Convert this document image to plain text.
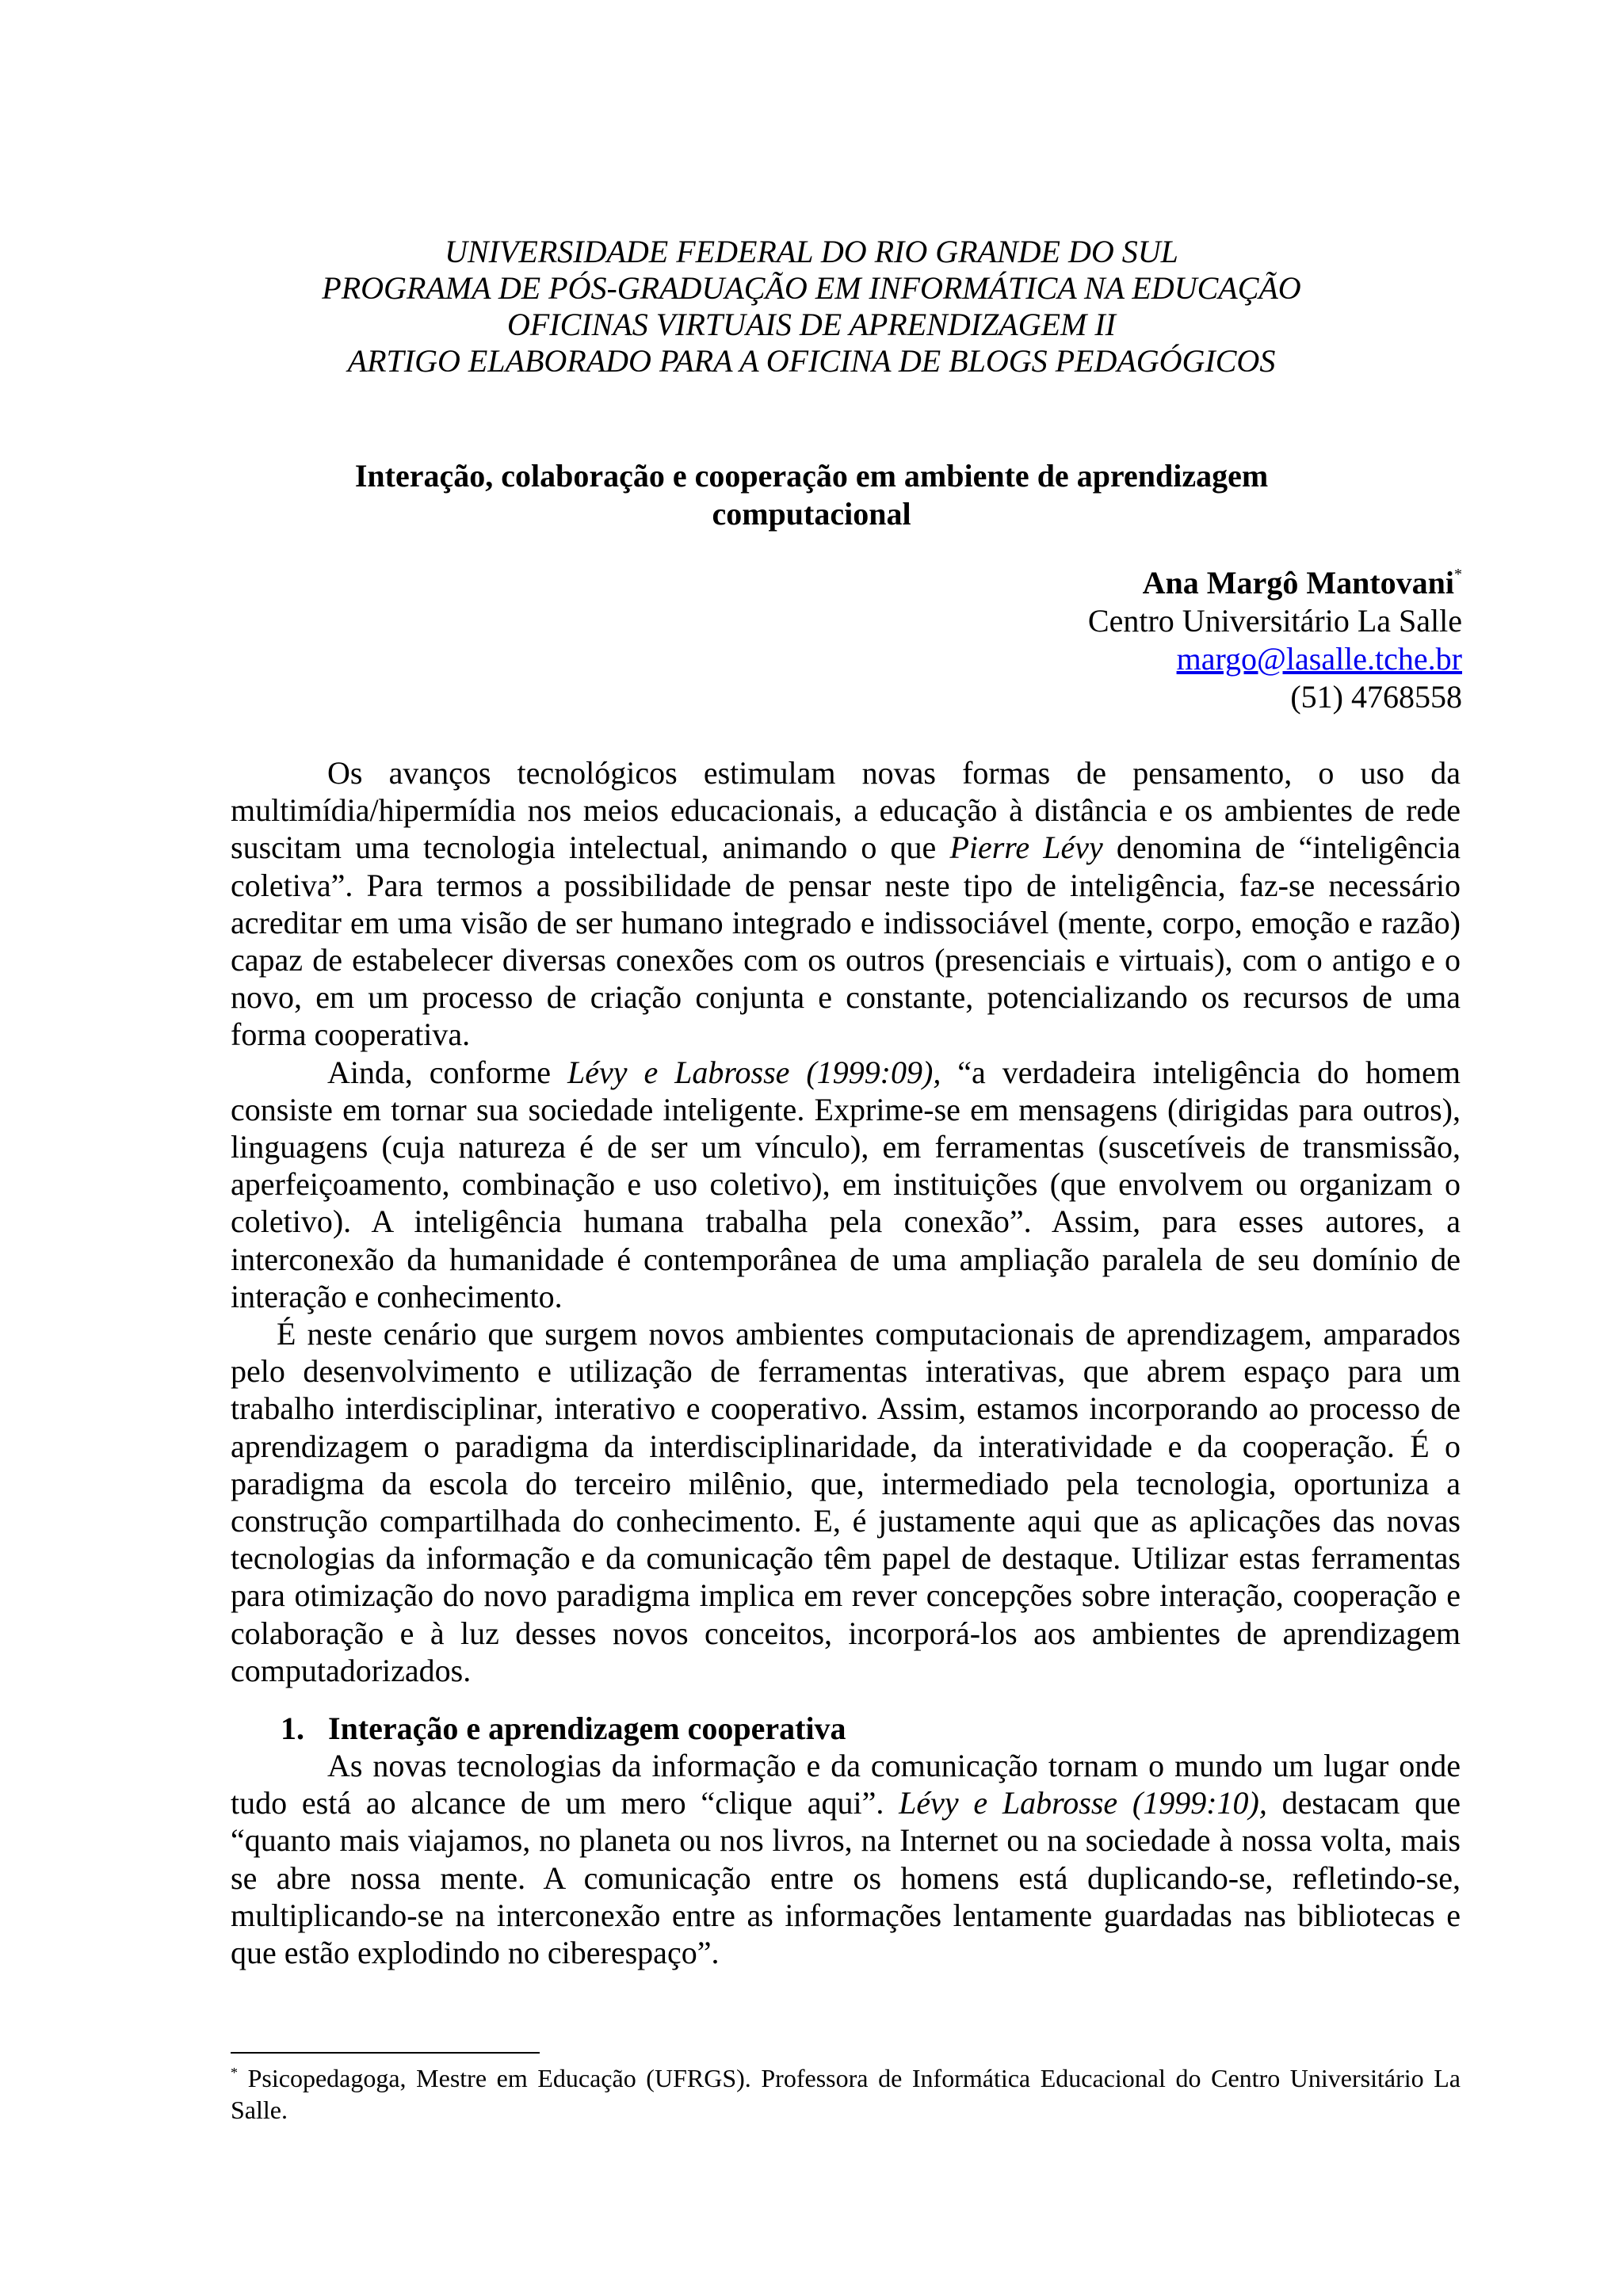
UNIVERSIDADE FEDERAL DO RIO GRANDE DO SUL
PROGRAMA DE PÓS-GRADUAÇÃO EM INFORMÁTICA NA EDUCAÇÃO
OFICINAS VIRTUAIS DE APRENDIZAGEM II
ARTIGO ELABORADO PARA A OFICINA DE BLOGS PEDAGÓGICOS
Interação, colaboração e cooperação em ambiente de aprendizagem
computacional
Ana Margô Mantovani*
Centro Universitário La Salle
margo@lasalle.tche.br
(51) 4768558

Os avanços tecnológicos estimulam novas formas de pensamento, o uso da multimídia/hipermídia nos meios educacionais, a educação à distância e os ambientes de rede suscitam uma tecnologia intelectual, animando o que Pierre Lévy denomina de “inteligência coletiva”. Para termos a possibilidade de pensar neste tipo de inteligência, faz-se necessário acreditar em uma visão de ser humano integrado e indissociável (mente, corpo, emoção e razão) capaz de estabelecer diversas conexões com os outros (presenciais e virtuais), com o antigo e o novo, em um processo de criação conjunta e constante, potencializando os recursos de uma forma cooperativa.

Ainda, conforme Lévy e Labrosse (1999:09), “a verdadeira inteligência do homem consiste em tornar sua sociedade inteligente. Exprime-se em mensagens (dirigidas para outros), linguagens (cuja natureza é de ser um vínculo), em ferramentas (suscetíveis de transmissão, aperfeiçoamento, combinação e uso coletivo), em instituições (que envolvem ou organizam o coletivo). A inteligência humana trabalha pela conexão”. Assim, para esses autores, a interconexão da humanidade é contemporânea de uma ampliação paralela de seu domínio de interação e conhecimento.

É neste cenário que surgem novos ambientes computacionais de aprendizagem, amparados pelo desenvolvimento e utilização de ferramentas interativas, que abrem espaço para um trabalho interdisciplinar, interativo e cooperativo. Assim, estamos incorporando ao processo de aprendizagem o paradigma da interdisciplinaridade, da interatividade e da cooperação. É o paradigma da escola do terceiro milênio, que, intermediado pela tecnologia, oportuniza a construção compartilhada do conhecimento. E, é justamente aqui que as aplicações das novas tecnologias da informação e da comunicação têm papel de destaque. Utilizar estas ferramentas para otimização do novo paradigma implica em rever concepções sobre interação, cooperação e colaboração e à luz desses novos conceitos, incorporá-los aos ambientes de aprendizagem computadorizados.

1. Interação e aprendizagem cooperativa

As novas tecnologias da informação e da comunicação tornam o mundo um lugar onde tudo está ao alcance de um mero “clique aqui”. Lévy e Labrosse (1999:10), destacam que “quanto mais viajamos, no planeta ou nos livros, na Internet ou na sociedade à nossa volta, mais se abre nossa mente. A comunicação entre os homens está duplicando-se, refletindo-se, multiplicando-se na interconexão entre as informações lentamente guardadas nas bibliotecas e que estão explodindo no ciberespaço”.

* Psicopedagoga, Mestre em Educação (UFRGS). Professora de Informática Educacional do Centro Universitário La Salle.
